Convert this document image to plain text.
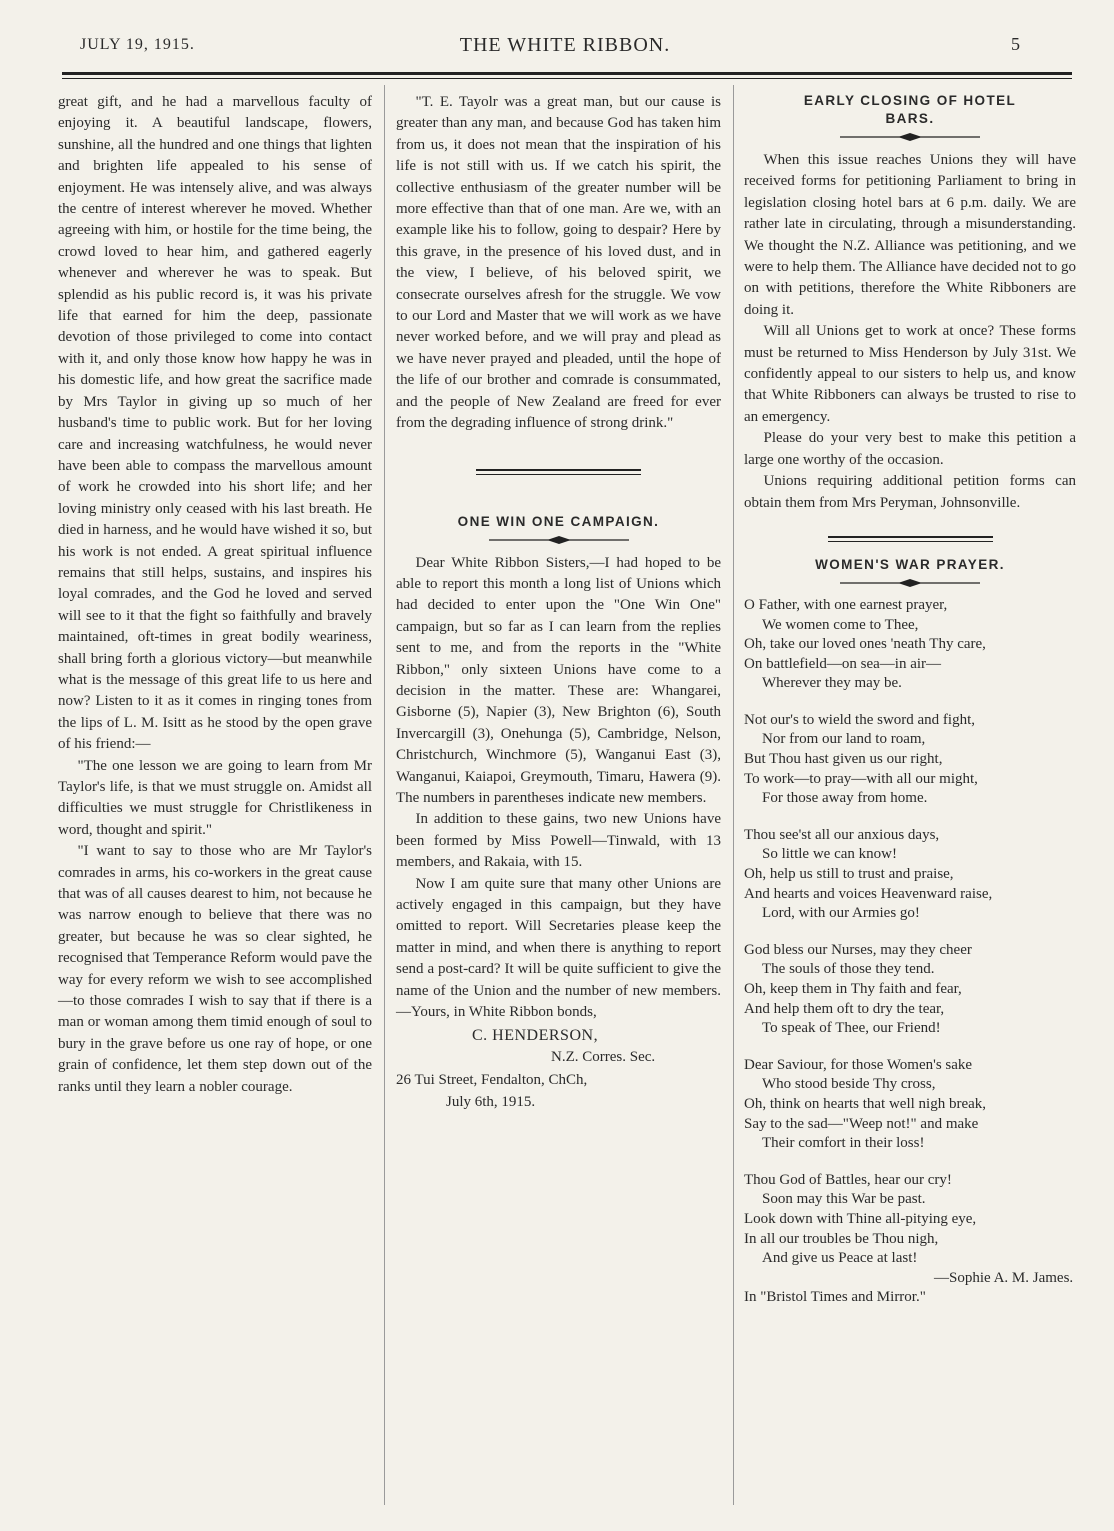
JULY 19, 1915.	THE WHITE RIBBON.	5

great gift, and he had a marvellous faculty of enjoying it. A beautiful landscape, flowers, sunshine, all the hundred and one things that lighten and brighten life appealed to his sense of enjoyment. He was intensely alive, and was always the centre of interest wherever he moved. Whether agreeing with him, or hostile for the time being, the crowd loved to hear him, and gathered eagerly whenever and wherever he was to speak. But splendid as his public record is, it was his private life that earned for him the deep, passionate devotion of those privileged to come into contact with it, and only those know how happy he was in his domestic life, and how great the sacrifice made by Mrs Taylor in giving up so much of her husband's time to public work. But for her loving care and increasing watchfulness, he would never have been able to compass the marvellous amount of work he crowded into his short life; and her loving ministry only ceased with his last breath. He died in harness, and he would have wished it so, but his work is not ended. A great spiritual influence remains that still helps, sustains, and inspires his loyal comrades, and the God he loved and served will see to it that the fight so faithfully and bravely maintained, oft-times in great bodily weariness, shall bring forth a glorious victory—but meanwhile what is the message of this great life to us here and now? Listen to it as it comes in ringing tones from the lips of L. M. Isitt as he stood by the open grave of his friend:—

"The one lesson we are going to learn from Mr Taylor's life, is that we must struggle on. Amidst all difficulties we must struggle for Christlikeness in word, thought and spirit."

"I want to say to those who are Mr Taylor's comrades in arms, his co-workers in the great cause that was of all causes dearest to him, not because he was narrow enough to believe that there was no greater, but because he was so clear sighted, he recognised that Temperance Reform would pave the way for every reform we wish to see accomplished—to those comrades I wish to say that if there is a man or woman among them timid enough of soul to bury in the grave before us one ray of hope, or one grain of confidence, let them step down out of the ranks until they learn a nobler courage.

"T. E. Tayolr was a great man, but our cause is greater than any man, and because God has taken him from us, it does not mean that the inspiration of his life is not still with us. If we catch his spirit, the collective enthusiasm of the greater number will be more effective than that of one man. Are we, with an example like his to follow, going to despair? Here by this grave, in the presence of his loved dust, and in the view, I believe, of his beloved spirit, we consecrate ourselves afresh for the struggle. We vow to our Lord and Master that we will work as we have never worked before, and we will pray and plead as we have never prayed and pleaded, until the hope of the life of our brother and comrade is consummated, and the people of New Zealand are freed for ever from the degrading influence of strong drink."

ONE WIN ONE CAMPAIGN.

Dear White Ribbon Sisters,—I had hoped to be able to report this month a long list of Unions which had decided to enter upon the "One Win One" campaign, but so far as I can learn from the replies sent to me, and from the reports in the "White Ribbon," only sixteen Unions have come to a decision in the matter. These are: Whangarei, Gisborne (5), Napier (3), New Brighton (6), South Invercargill (3), Onehunga (5), Cambridge, Nelson, Christchurch, Winchmore (5), Wanganui East (3), Wanganui, Kaiapoi, Greymouth, Timaru, Hawera (9). The numbers in parentheses indicate new members.

In addition to these gains, two new Unions have been formed by Miss Powell—Tinwald, with 13 members, and Rakaia, with 15.

Now I am quite sure that many other Unions are actively engaged in this campaign, but they have omitted to report. Will Secretaries please keep the matter in mind, and when there is anything to report send a post-card? It will be quite sufficient to give the name of the Union and the number of new members.—Yours, in White Ribbon bonds,

C. HENDERSON,
N.Z. Corres. Sec.
26 Tui Street, Fendalton, ChCh,
July 6th, 1915.
EARLY CLOSING OF HOTEL
BARS.

When this issue reaches Unions they will have received forms for petitioning Parliament to bring in legislation closing hotel bars at 6 p.m. daily. We are rather late in circulating, through a misunderstanding. We thought the N.Z. Alliance was petitioning, and we were to help them. The Alliance have decided not to go on with petitions, therefore the White Ribboners are doing it.

Will all Unions get to work at once? These forms must be returned to Miss Henderson by July 31st. We confidently appeal to our sisters to help us, and know that White Ribboners can always be trusted to rise to an emergency.

Please do your very best to make this petition a large one worthy of the occasion.

Unions requiring additional petition forms can obtain them from Mrs Peryman, Johnsonville.

WOMEN'S WAR PRAYER.
O Father, with one earnest prayer,
We women come to Thee,
Oh, take our loved ones 'neath Thy care,
On battlefield—on sea—in air—
Wherever they may be.
Not our's to wield the sword and fight,
Nor from our land to roam,
But Thou hast given us our right,
To work—to pray—with all our might,
For those away from home.
Thou see'st all our anxious days,
So little we can know!
Oh, help us still to trust and praise,
And hearts and voices Heavenward raise,
Lord, with our Armies go!
God bless our Nurses, may they cheer
The souls of those they tend.
Oh, keep them in Thy faith and fear,
And help them oft to dry the tear,
To speak of Thee, our Friend!
Dear Saviour, for those Women's sake
Who stood beside Thy cross,
Oh, think on hearts that well nigh break,
Say to the sad—"Weep not!" and make
Their comfort in their loss!
Thou God of Battles, hear our cry!
Soon may this War be past.
Look down with Thine all-pitying eye,
In all our troubles be Thou nigh,
And give us Peace at last!
—Sophie A. M. James.
In "Bristol Times and Mirror."
